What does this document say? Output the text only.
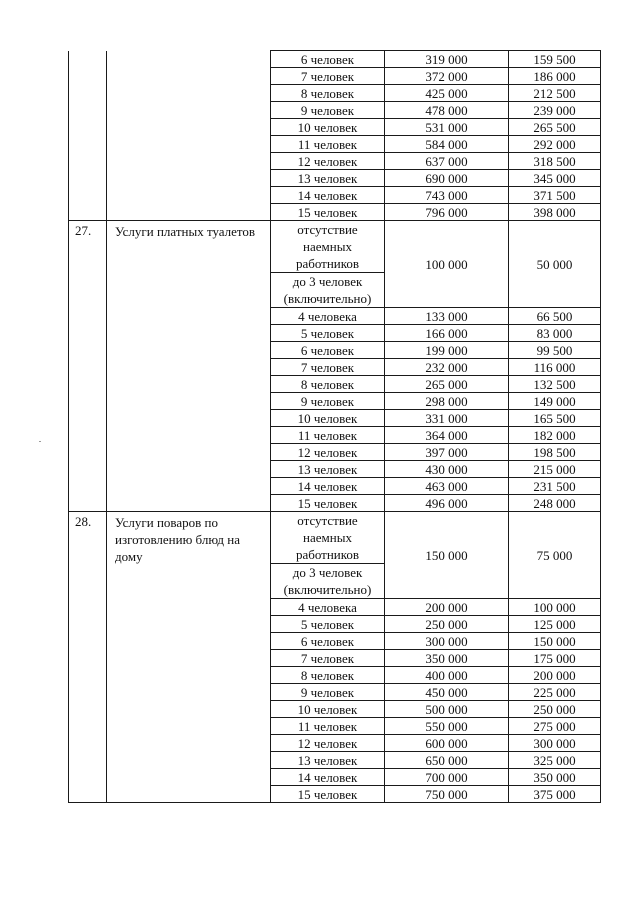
		6 человек	319 000	159 500
		7 человек	372 000	186 000
		8 человек	425 000	212 500
		9 человек	478 000	239 000
		10 человек	531 000	265 500
		11 человек	584 000	292 000
		12 человек	637 000	318 500
		13 человек	690 000	345 000
		14 человек	743 000	371 500
		15 человек	796 000	398 000
27.	Услуги платных туалетов	отсутствие наемных работников	100 000	50 000
		до 3 человек (включительно)		
		4 человека	133 000	66 500
		5 человек	166 000	83 000
		6 человек	199 000	99 500
		7 человек	232 000	116 000
		8 человек	265 000	132 500
		9 человек	298 000	149 000
		10 человек	331 000	165 500
		11 человек	364 000	182 000
		12 человек	397 000	198 500
		13 человек	430 000	215 000
		14 человек	463 000	231 500
		15 человек	496 000	248 000
28.	Услуги поваров по изготовлению блюд на дому	отсутствие наемных работников	150 000	75 000
		до 3 человек (включительно)		
		4 человека	200 000	100 000
		5 человек	250 000	125 000
		6 человек	300 000	150 000
		7 человек	350 000	175 000
		8 человек	400 000	200 000
		9 человек	450 000	225 000
		10 человек	500 000	250 000
		11 человек	550 000	275 000
		12 человек	600 000	300 000
		13 человек	650 000	325 000
		14 человек	700 000	350 000
		15 человек	750 000	375 000
